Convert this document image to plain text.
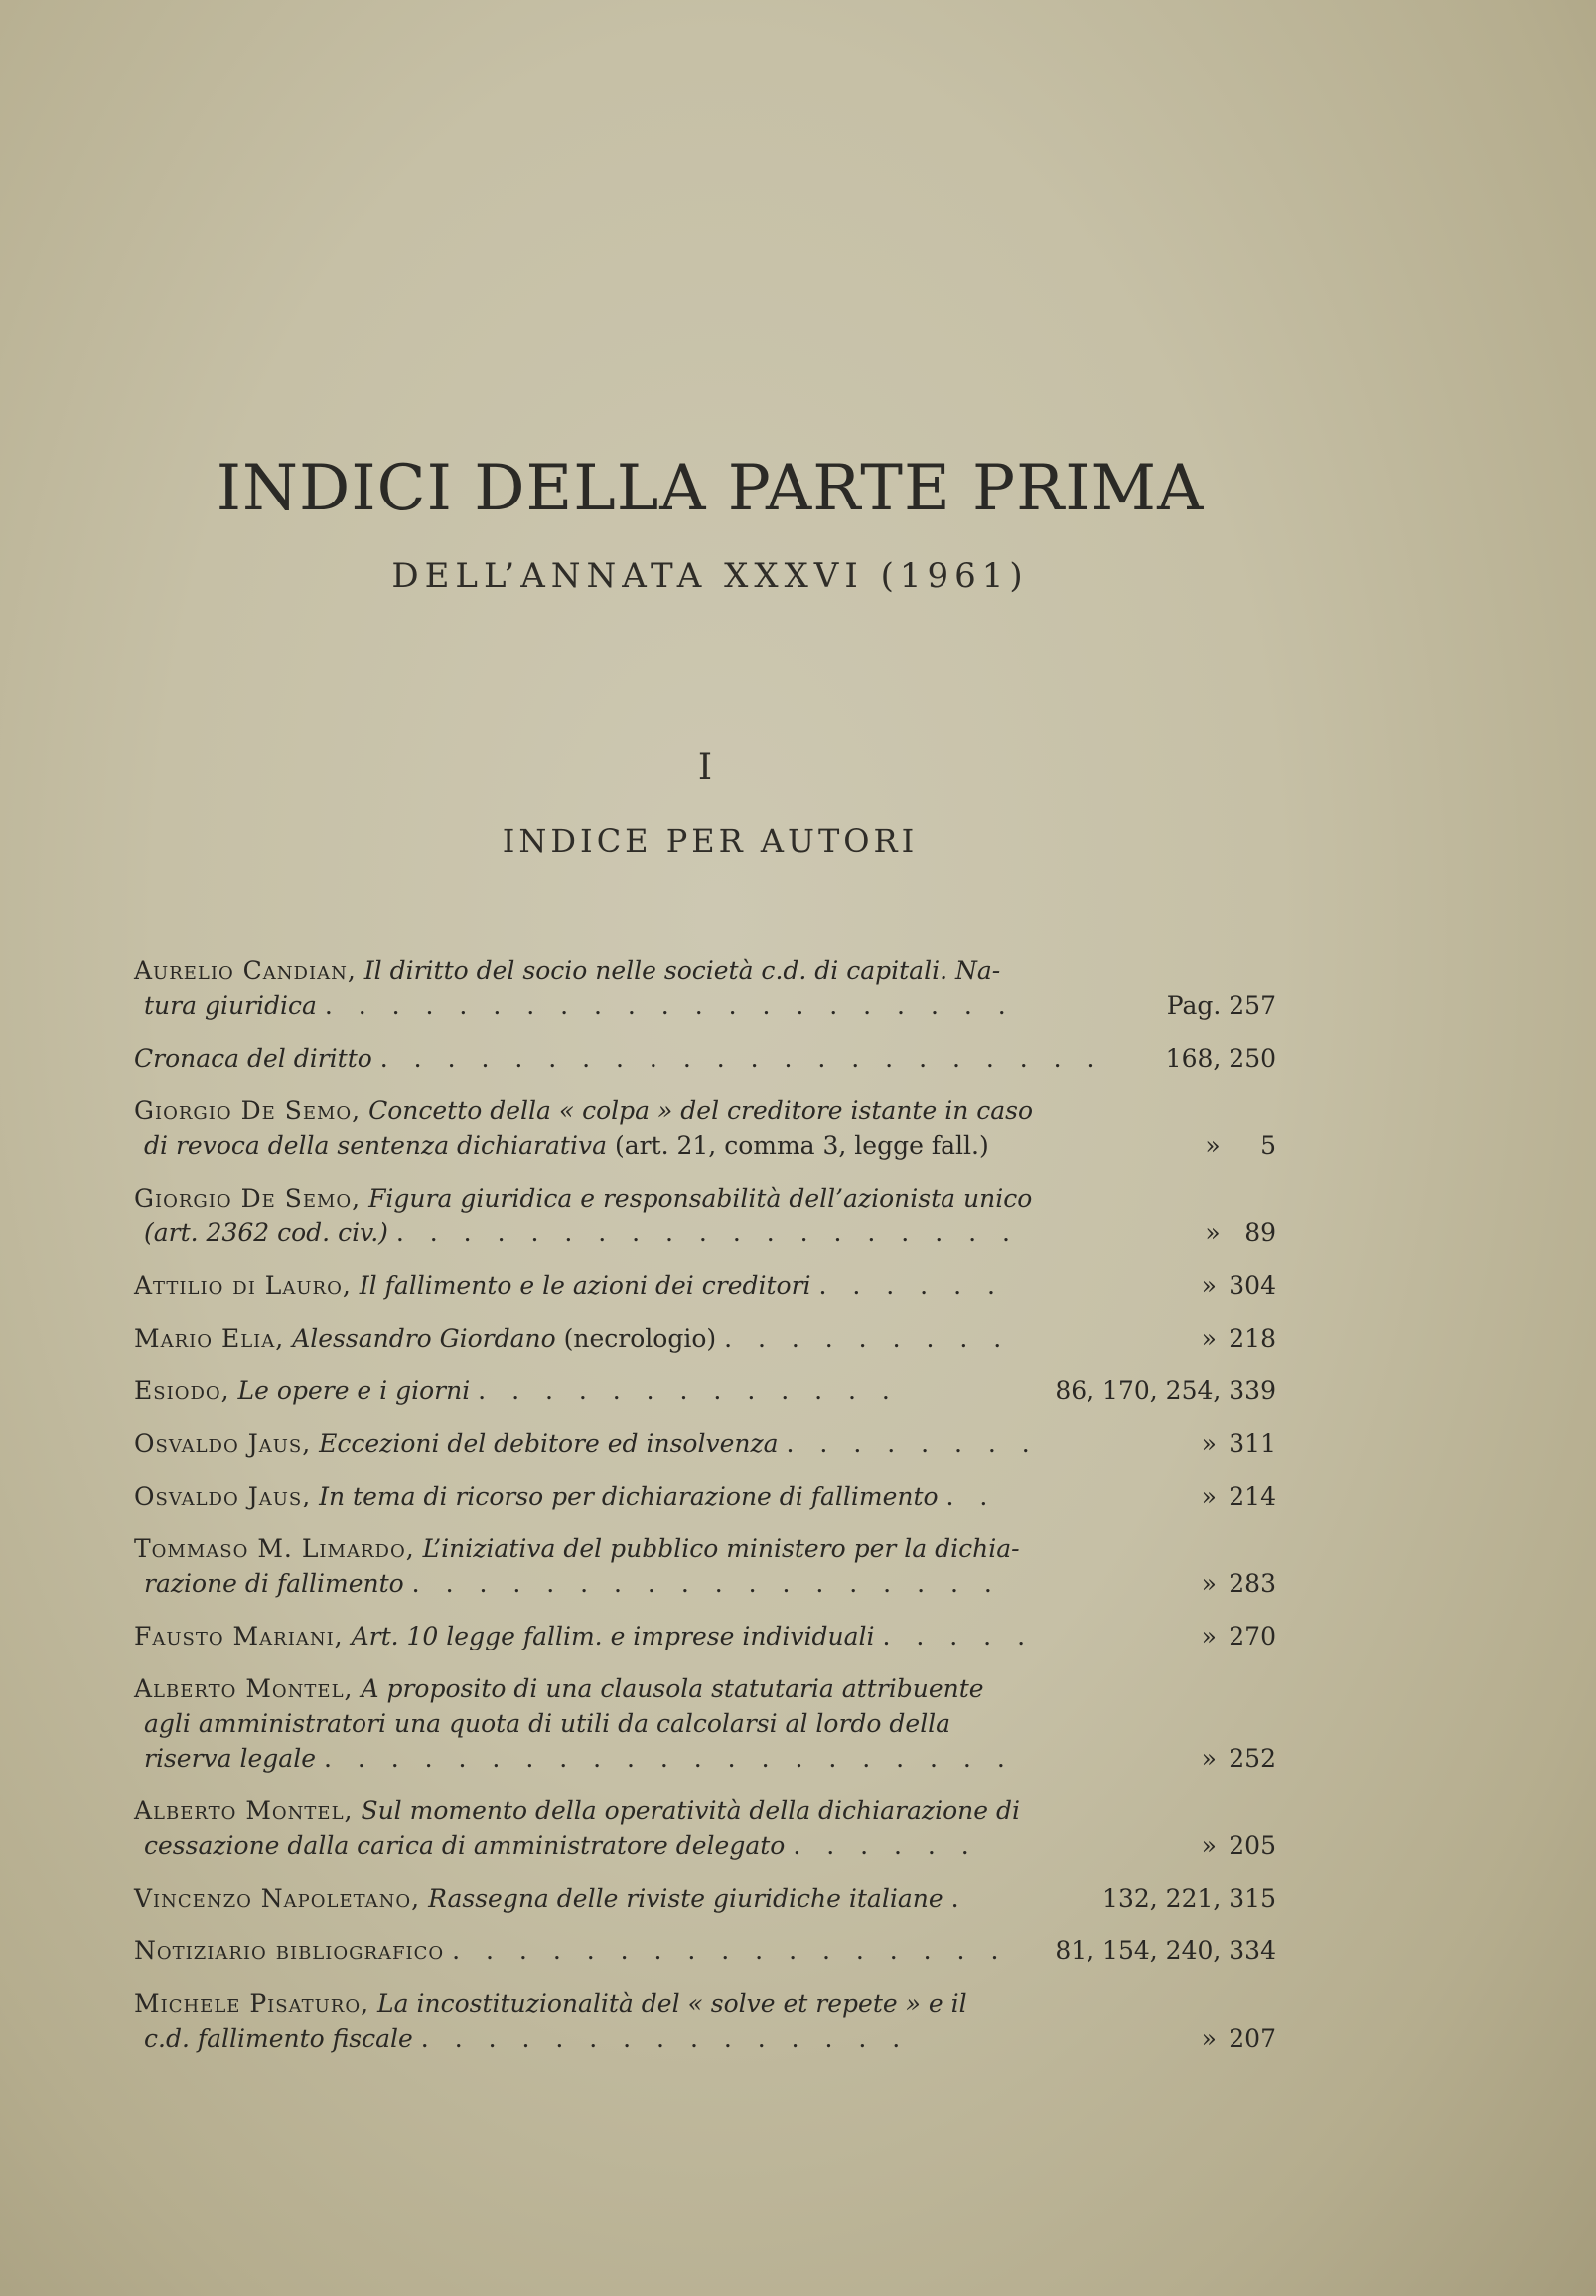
INDICI DELLA PARTE PRIMA
DELL’ANNATA XXXVI (1961)
I
INDICE PER AUTORI
Aurelio Candian, Il diritto del socio nelle società c.d. di capitali. Na-
tura giuridica . . . . . . . . . . . . . . . . . . . . .	Pag. 257
Cronaca del diritto . . . . . . . . . . . . . . . . . . . . . .	168, 250
Giorgio De Semo, Concetto della « colpa » del creditore istante in caso
di revoca della sentenza dichiarativa (art. 21, comma 3, legge fall.)	» 5
Giorgio De Semo, Figura giuridica e responsabilità dell’azionista unico
(art. 2362 cod. civ.) . . . . . . . . . . . . . . . . . . .	» 89
Attilio di Lauro, Il fallimento e le azioni dei creditori . . . . . .	» 304
Mario Elia, Alessandro Giordano (necrologio) . . . . . . . . .	» 218
Esiodo, Le opere e i giorni . . . . . . . . . . . . .	86, 170, 254, 339
Osvaldo Jaus, Eccezioni del debitore ed insolvenza . . . . . . . .	» 311
Osvaldo Jaus, In tema di ricorso per dichiarazione di fallimento . .	» 214
Tommaso M. Limardo, L’iniziativa del pubblico ministero per la dichia-
razione di fallimento . . . . . . . . . . . . . . . . . .	» 283
Fausto Mariani, Art. 10 legge fallim. e imprese individuali . . . . .	» 270
Alberto Montel, A proposito di una clausola statutaria attribuente
agli amministratori una quota di utili da calcolarsi al lordo della
riserva legale . . . . . . . . . . . . . . . . . . . . .	» 252
Alberto Montel, Sul momento della operatività della dichiarazione di
cessazione dalla carica di amministratore delegato . . . . . .	» 205
Vincenzo Napoletano, Rassegna delle riviste giuridiche italiane .	132, 221, 315
Notiziario bibliografico . . . . . . . . . . . . . . . . .	81, 154, 240, 334
Michele Pisaturo, La incostituzionalità del « solve et repete » e il
c.d. fallimento fiscale . . . . . . . . . . . . . . .	» 207
